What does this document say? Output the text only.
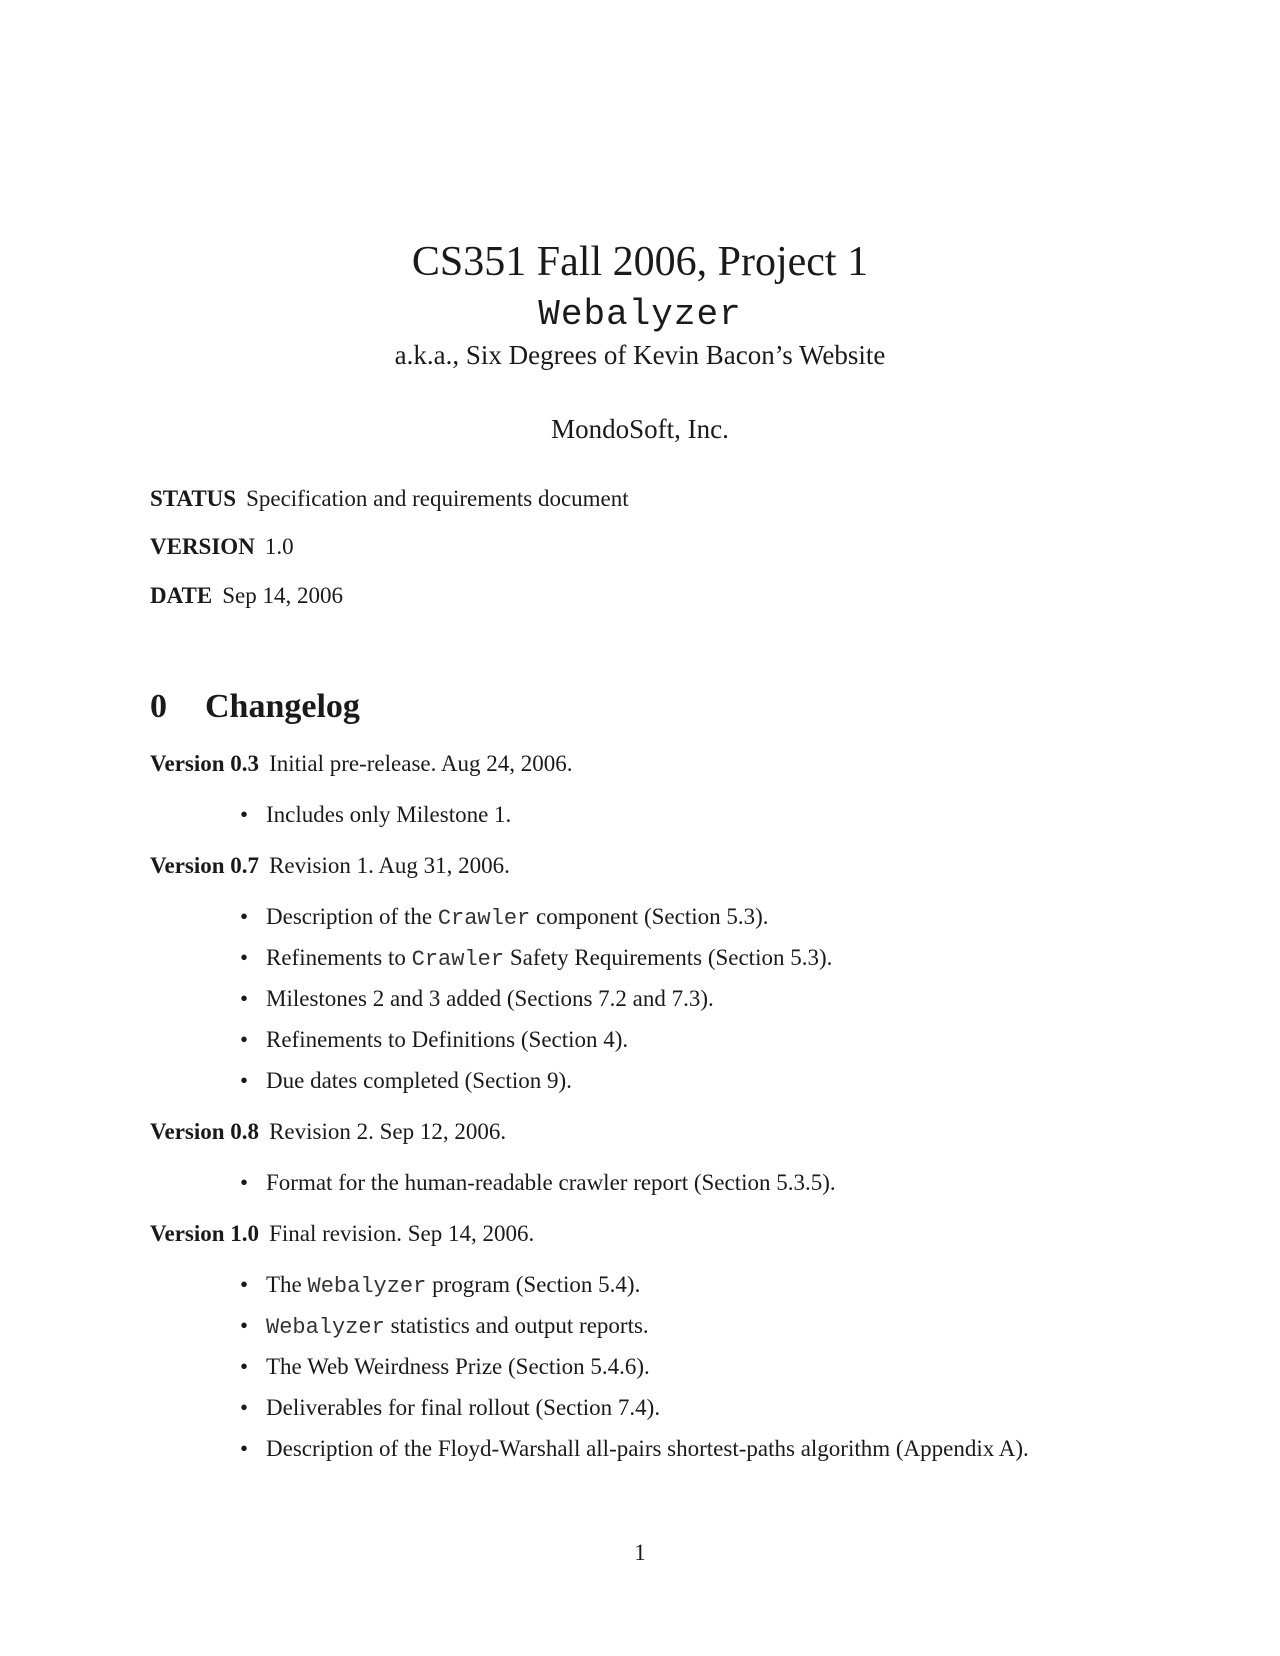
CS351 Fall 2006, Project 1
Webalyzer
a.k.a., Six Degrees of Kevin Bacon’s Website
MondoSoft, Inc.
STATUS Specification and requirements document
VERSION 1.0
DATE Sep 14, 2006
0 Changelog
Version 0.3 Initial pre-release. Aug 24, 2006.
• Includes only Milestone 1.
Version 0.7 Revision 1. Aug 31, 2006.
• Description of the Crawler component (Section 5.3).
• Refinements to Crawler Safety Requirements (Section 5.3).
• Milestones 2 and 3 added (Sections 7.2 and 7.3).
• Refinements to Definitions (Section 4).
• Due dates completed (Section 9).
Version 0.8 Revision 2. Sep 12, 2006.
• Format for the human-readable crawler report (Section 5.3.5).
Version 1.0 Final revision. Sep 14, 2006.
• The Webalyzer program (Section 5.4).
• Webalyzer statistics and output reports.
• The Web Weirdness Prize (Section 5.4.6).
• Deliverables for final rollout (Section 7.4).
• Description of the Floyd-Warshall all-pairs shortest-paths algorithm (Appendix A).
1
